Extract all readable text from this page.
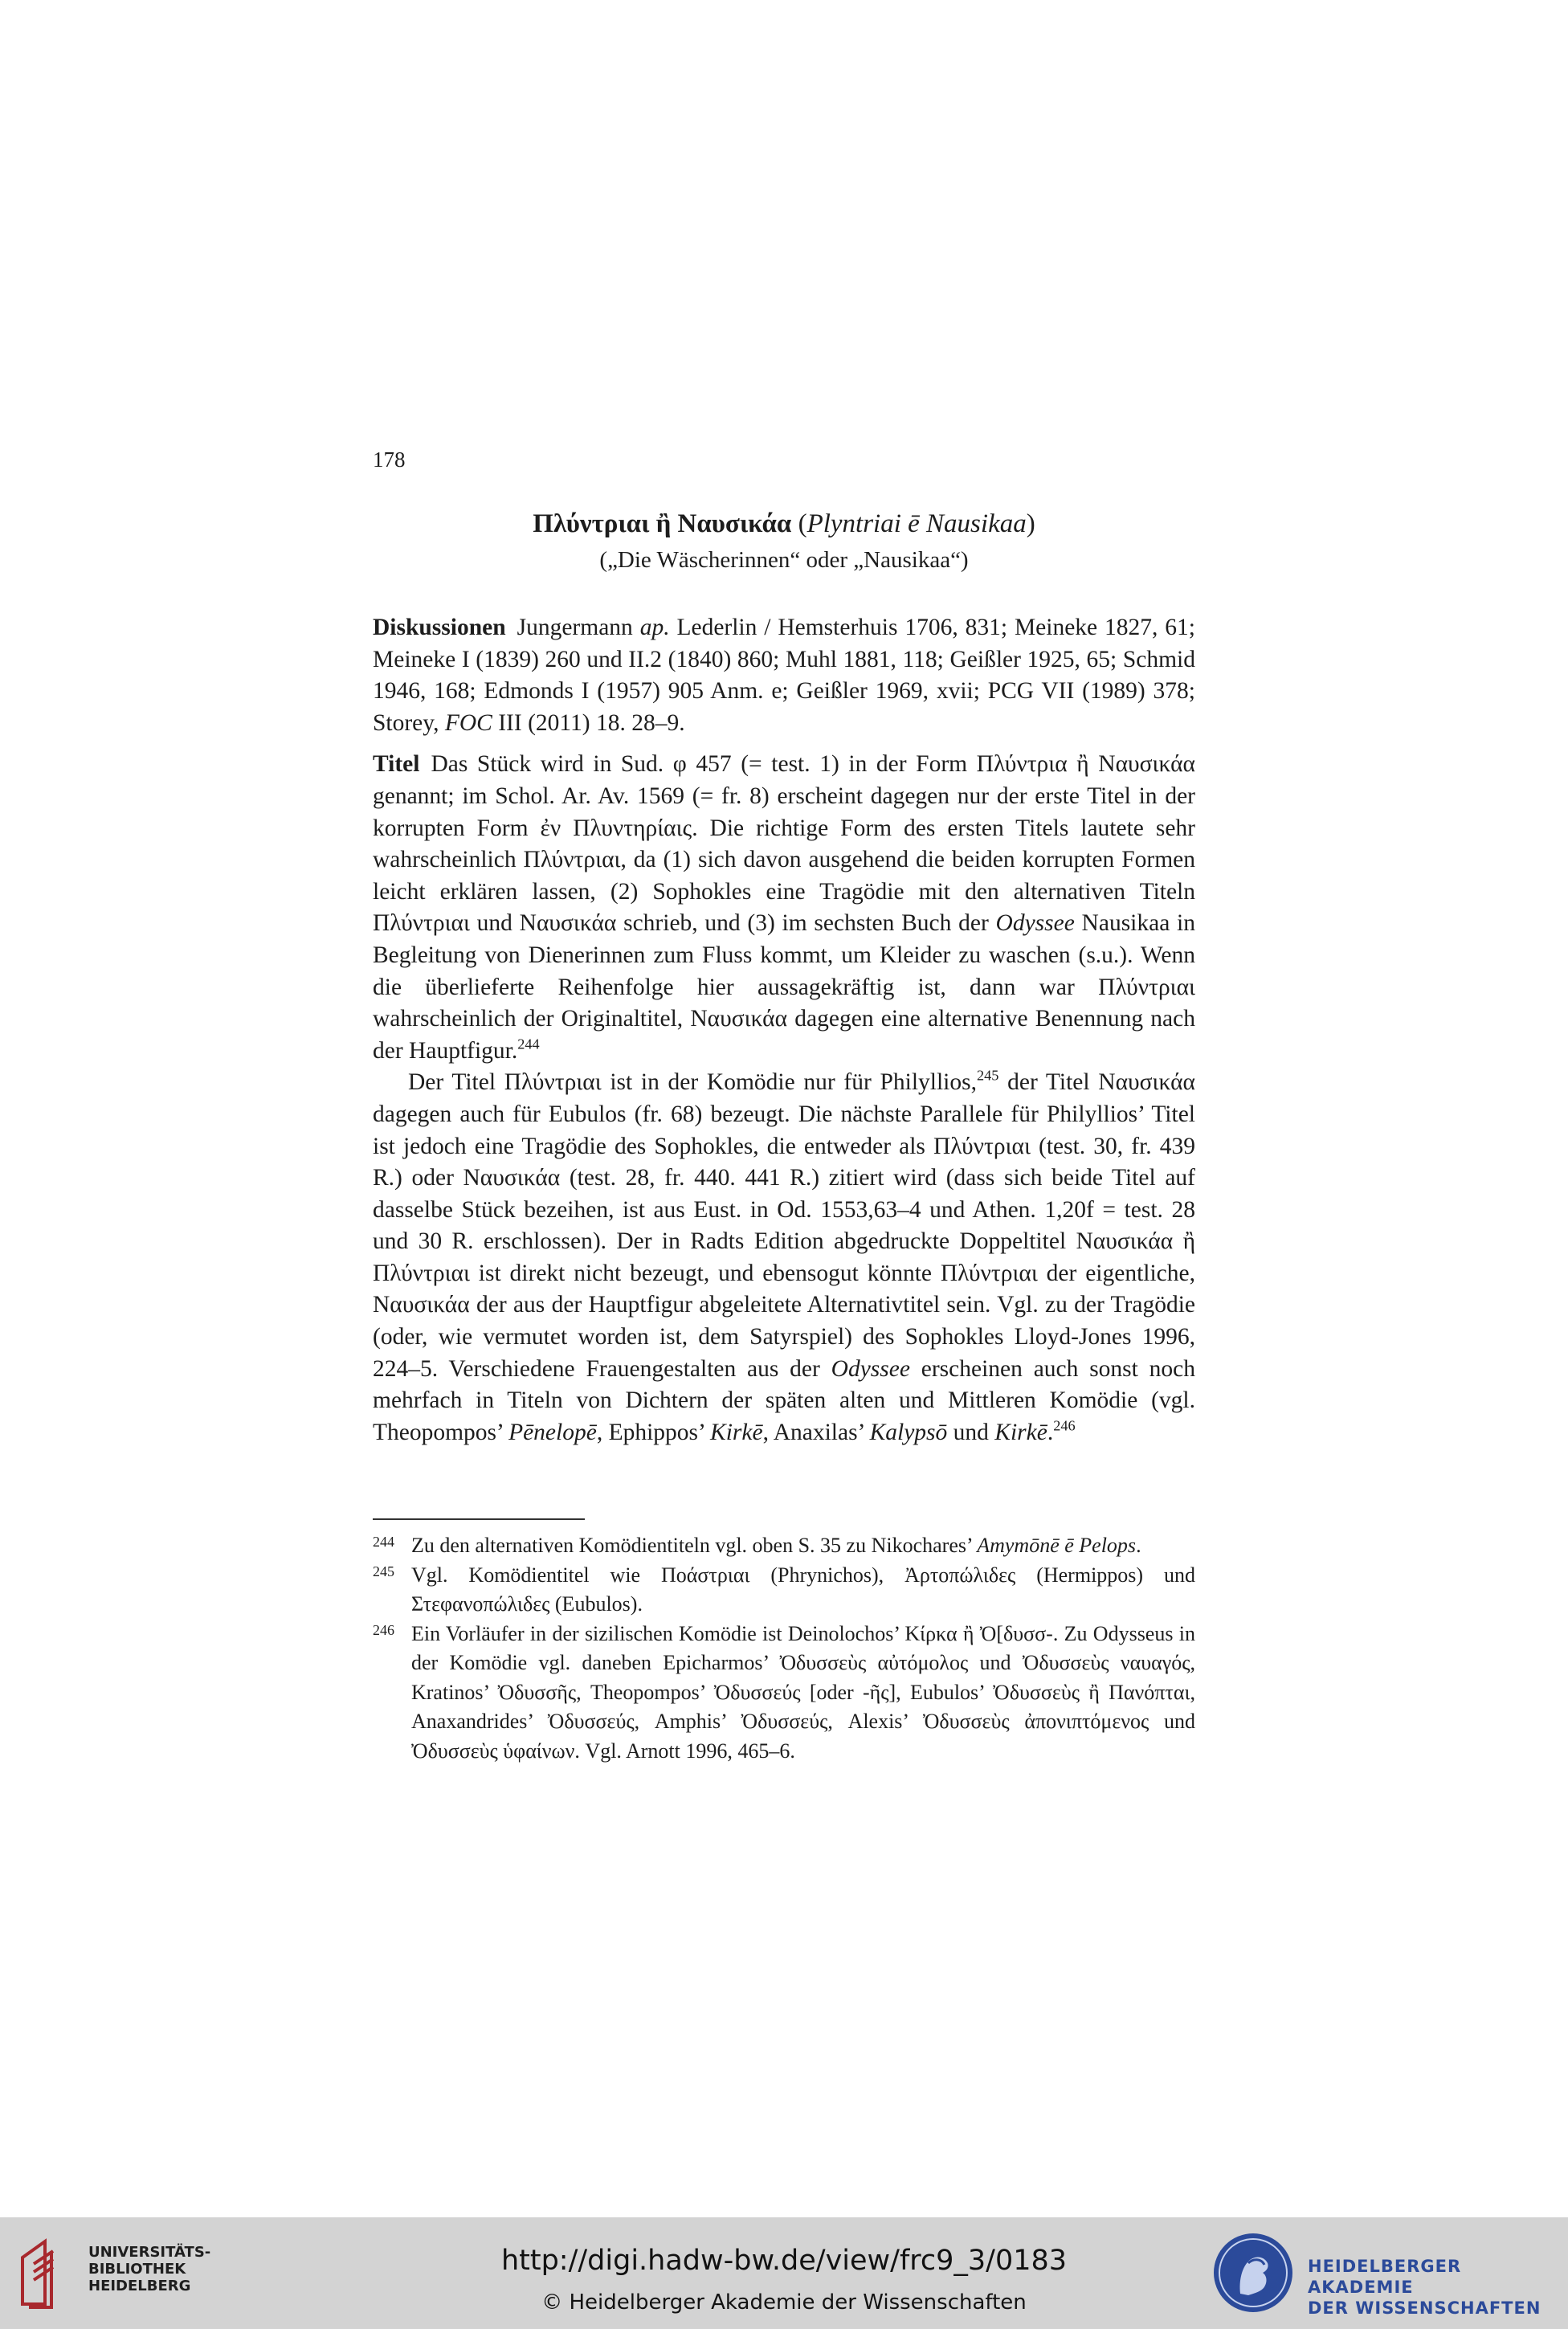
178
Πλύντριαι ἢ Ναυσικάα (Plyntriai ē Nausikaa)
(„Die Wäscherinnen“ oder „Nausikaa“)

Diskussionen Jungermann ap. Lederlin / Hemsterhuis 1706, 831; Meineke 1827, 61; Meineke I (1839) 260 und II.2 (1840) 860; Muhl 1881, 118; Geißler 1925, 65; Schmid 1946, 168; Edmonds I (1957) 905 Anm. e; Geißler 1969, xvii; PCG VII (1989) 378; Storey, FOC III (2011) 18. 28–9.

Titel Das Stück wird in Sud. φ 457 (= test. 1) in der Form Πλύντρια ἢ Ναυσικάα genannt; im Schol. Ar. Av. 1569 (= fr. 8) erscheint dagegen nur der erste Titel in der korrupten Form ἐν Πλυντηρίαις. Die richtige Form des ersten Titels lautete sehr wahrscheinlich Πλύντριαι, da (1) sich davon ausgehend die beiden korrupten Formen leicht erklären lassen, (2) Sophokles eine Tragödie mit den alternativen Titeln Πλύντριαι und Ναυσικάα schrieb, und (3) im sechsten Buch der Odyssee Nausikaa in Begleitung von Dienerinnen zum Fluss kommt, um Kleider zu waschen (s.u.). Wenn die überlieferte Reihenfolge hier aussagekräftig ist, dann war Πλύντριαι wahrscheinlich der Originaltitel, Ναυσικάα dagegen eine alternative Benennung nach der Hauptfigur.$^{244}$

Der Titel Πλύντριαι ist in der Komödie nur für Philyllios,$^{245}$ der Titel Ναυσικάα dagegen auch für Eubulos (fr. 68) bezeugt. Die nächste Parallele für Philyllios’ Titel ist jedoch eine Tragödie des Sophokles, die entweder als Πλύντριαι (test. 30, fr. 439 R.) oder Ναυσικάα (test. 28, fr. 440. 441 R.) zitiert wird (dass sich beide Titel auf dasselbe Stück bezeihen, ist aus Eust. in Od. 1553,63–4 und Athen. 1,20f = test. 28 und 30 R. erschlossen). Der in Radts Edition abgedruckte Doppeltitel Ναυσικάα ἢ Πλύντριαι ist direkt nicht bezeugt, und ebensogut könnte Πλύντριαι der eigentliche, Ναυσικάα der aus der Hauptfigur abgeleitete Alternativtitel sein. Vgl. zu der Tragödie (oder, wie vermutet worden ist, dem Satyrspiel) des Sophokles Lloyd-Jones 1996, 224–5. Verschiedene Frauengestalten aus der Odyssee erscheinen auch sonst noch mehrfach in Titeln von Dichtern der späten alten und Mittleren Komödie (vgl. Theopompos’ Pēnelopē, Ephippos’ Kirkē, Anaxilas’ Kalypsō und Kirkē.$^{246}$

244 Zu den alternativen Komödientiteln vgl. oben S. 35 zu Nikochares’ Amymōnē ē Pelops.
245 Vgl. Komödientitel wie Ποάστριαι (Phrynichos), Ἀρτοπώλιδες (Hermippos) und Στεφανοπώλιδες (Eubulos).
246 Ein Vorläufer in der sizilischen Komödie ist Deinolochos’ Κίρκα ἢ Ὀ[δυσσ-. Zu Odysseus in der Komödie vgl. daneben Epicharmos’ Ὀδυσσεὺς αὐτόμολος und Ὀδυσσεὺς ναυαγός, Kratinos’ Ὀδυσσῆς, Theopompos’ Ὀδυσσεύς [oder -ῆς], Eubulos’ Ὀδυσσεὺς ἢ Πανόπται, Anaxandrides’ Ὀδυσσεύς, Amphis’ Ὀδυσσεύς, Alexis’ Ὀδυσσεὺς ἀπονιπτόμενος und Ὀδυσσεὺς ὑφαίνων. Vgl. Arnott 1996, 465–6.
UNIVERSITÄTS-
BIBLIOTHEK
HEIDELBERG
http://digi.hadw-bw.de/view/frc9_3/0183
© Heidelberger Akademie der Wissenschaften
HEIDELBERGER AKADEMIE
DER WISSENSCHAFTEN
